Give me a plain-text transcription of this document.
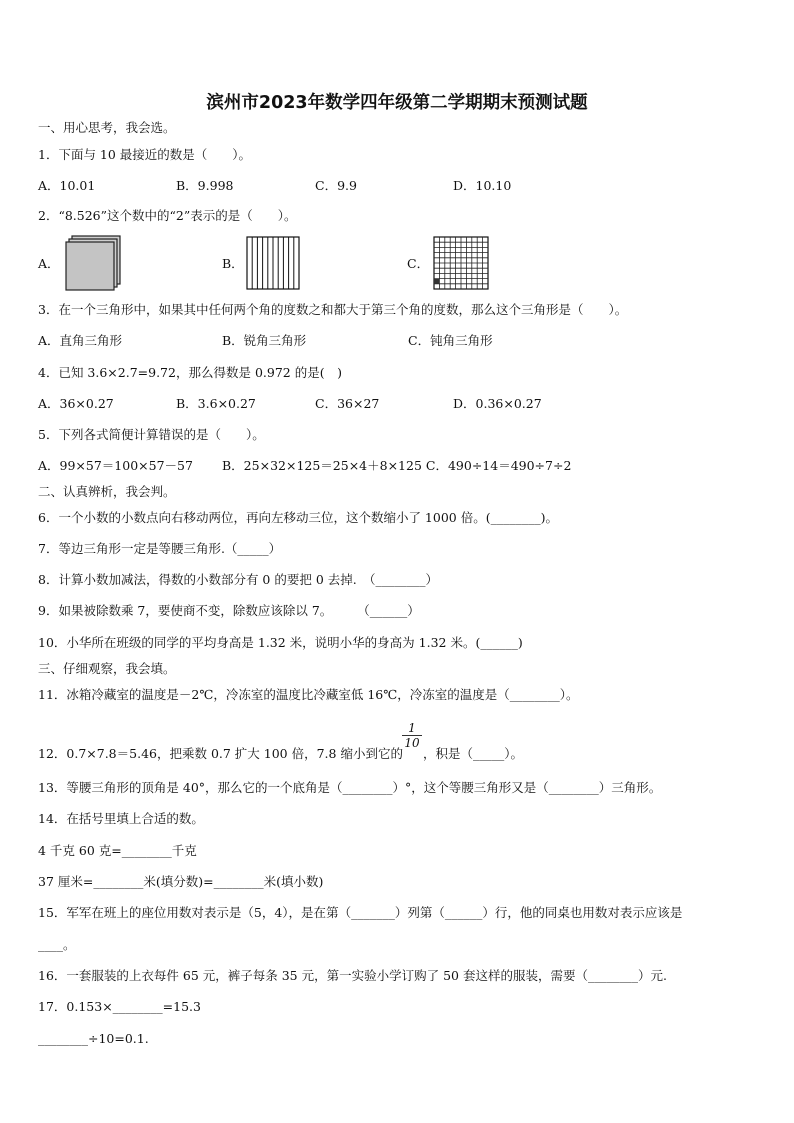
滨州市2023年数学四年级第二学期期末预测试题
一、用心思考，我会选。
1．下面与 10 最接近的数是（　　）。
A．10.01	B．9.998	C．9.9	D．10.10
2．“8.526”这个数中的“2”表示的是（　　）。
A．	B．	C．
3．在一个三角形中，如果其中任何两个角的度数之和都大于第三个角的度数，那么这个三角形是（　　）。
A．直角三角形	B．锐角三角形	C．钝角三角形
4．已知 3.6×2.7=9.72，那么得数是 0.972 的是(　)
A．36×0.27	B．3.6×0.27	C．36×27	D．0.36×0.27
5．下列各式简便计算错误的是（　　）。
A．99×57＝100×57－57 B．25×32×125＝25×4＋8×125 C．490÷14＝490÷7÷2
二、认真辨析，我会判。
6．一个小数的小数点向右移动两位，再向左移动三位，这个数缩小了 1000 倍。(________)。
7．等边三角形一定是等腰三角形.（_____）
8．计算小数加减法，得数的小数部分有 0 的要把 0 去掉.　（________）
9．如果被除数乘 7，要使商不变，除数应该除以 7。　　　（______）
10．小华所在班级的同学的平均身高是 1.32 米，说明小华的身高为 1.32 米。(______)
三、仔细观察，我会填。
11．冰箱冷藏室的温度是－2℃，冷冻室的温度比冷藏室低 16℃，冷冻室的温度是（________）。
12．0.7×7.8＝5.46，把乘数 0.7 扩大 100 倍，7.8 缩小到它的 ，积是（_____）。
$\frac{1}{10}$
13．等腰三角形的顶角是 40°，那么它的一个底角是（________）°，这个等腰三角形又是（________）三角形。
14．在括号里填上合适的数。
4 千克 60 克=________千克
37 厘米=________米(填分数)=________米(填小数)
15．军军在班上的座位用数对表示是（5，4），是在第（_______）列第（______）行，他的同桌也用数对表示应该是
____。
16．一套服装的上衣每件 65 元，裤子每条 35 元，第一实验小学订购了 50 套这样的服装，需要（________）元.
17．0.153×________=15.3
________÷10=0.1.
